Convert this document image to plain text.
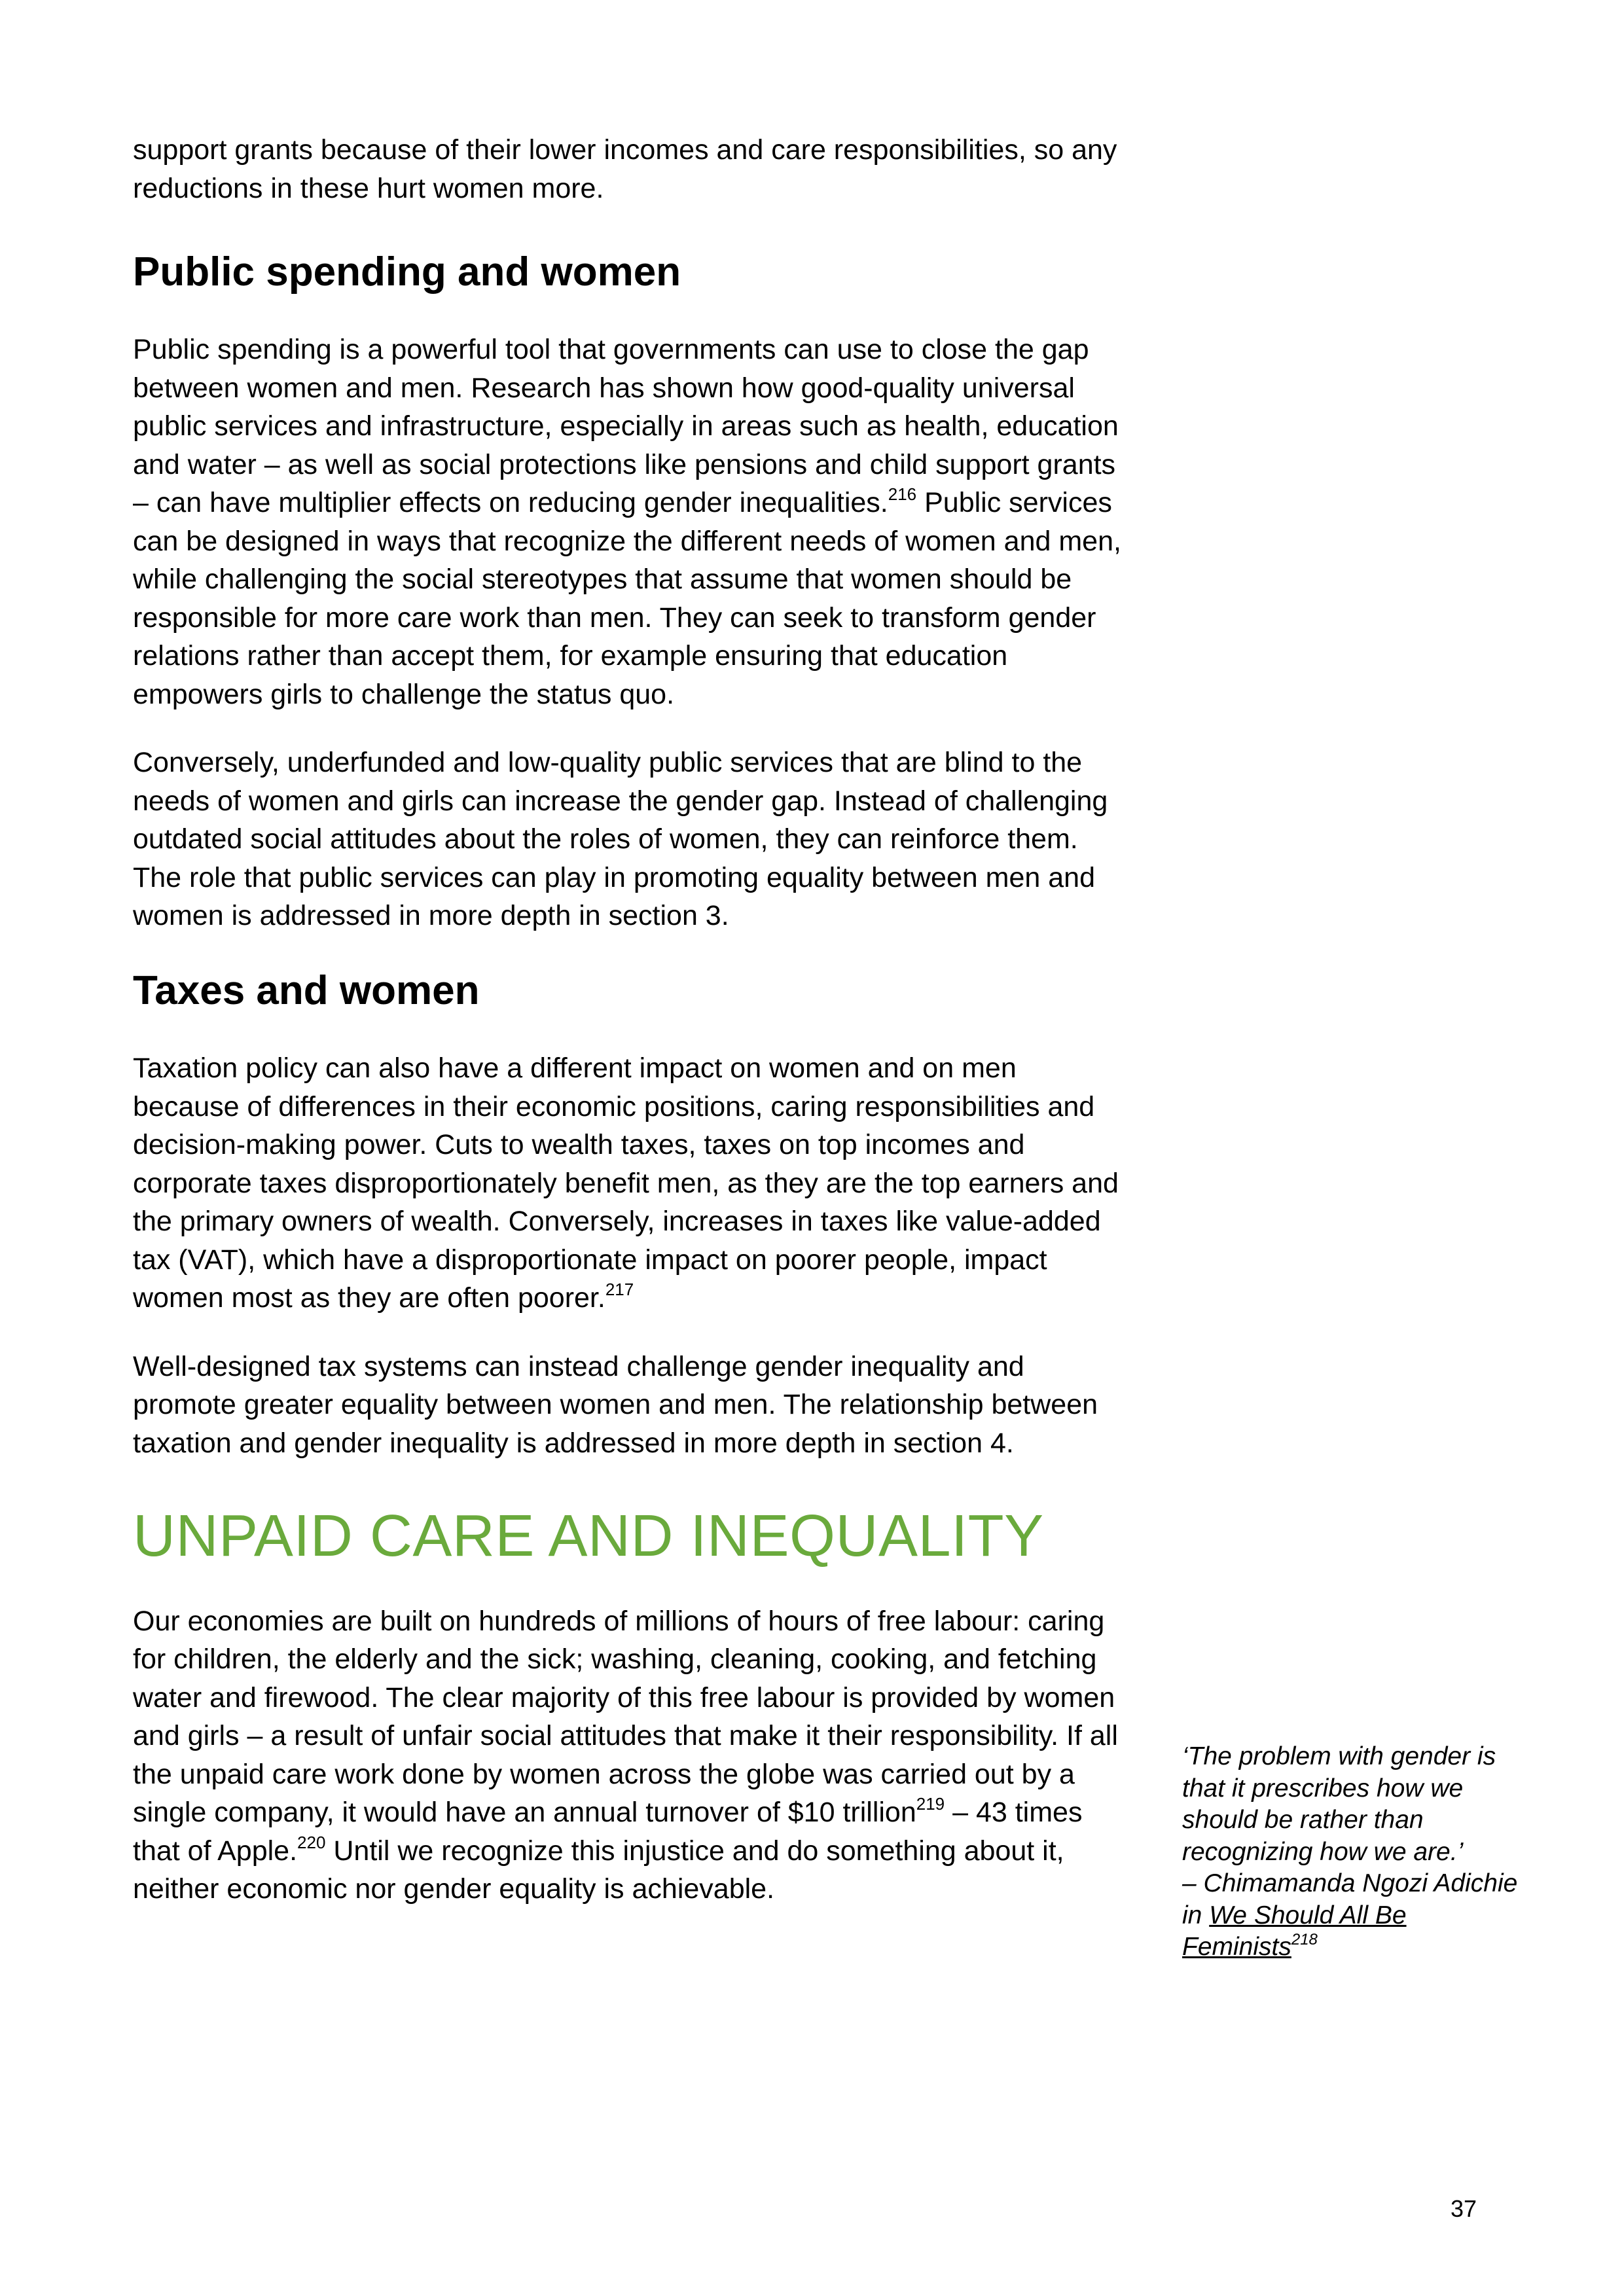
support grants because of their lower incomes and care responsibilities, so any reductions in these hurt women more.

Public spending and women

Public spending is a powerful tool that governments can use to close the gap between women and men. Research has shown how good-quality universal public services and infrastructure, especially in areas such as health, education and water – as well as social protections like pensions and child support grants – can have multiplier effects on reducing gender inequalities.$^{216}$ Public services can be designed in ways that recognize the different needs of women and men, while challenging the social stereotypes that assume that women should be responsible for more care work than men. They can seek to transform gender relations rather than accept them, for example ensuring that education empowers girls to challenge the status quo.

Conversely, underfunded and low-quality public services that are blind to the needs of women and girls can increase the gender gap. Instead of challenging outdated social attitudes about the roles of women, they can reinforce them. The role that public services can play in promoting equality between men and women is addressed in more depth in section 3.

Taxes and women

Taxation policy can also have a different impact on women and on men because of differences in their economic positions, caring responsibilities and decision-making power. Cuts to wealth taxes, taxes on top incomes and corporate taxes disproportionately benefit men, as they are the top earners and the primary owners of wealth. Conversely, increases in taxes like value-added tax (VAT), which have a disproportionate impact on poorer people, impact women most as they are often poorer.$^{217}$

Well-designed tax systems can instead challenge gender inequality and promote greater equality between women and men. The relationship between taxation and gender inequality is addressed in more depth in section 4.

UNPAID CARE AND INEQUALITY

Our economies are built on hundreds of millions of hours of free labour: caring for children, the elderly and the sick; washing, cleaning, cooking, and fetching water and firewood. The clear majority of this free labour is provided by women and girls – a result of unfair social attitudes that make it their responsibility. If all the unpaid care work done by women across the globe was carried out by a single company, it would have an annual turnover of $10 trillion$^{219}$ – 43 times that of Apple.$^{220}$ Until we recognize this injustice and do something about it, neither economic nor gender equality is achievable.

‘The problem with gender is that it prescribes how we should be rather than recognizing how we are.’
– Chimamanda Ngozi Adichie in We Should All Be Feminists$^{218}$
37
